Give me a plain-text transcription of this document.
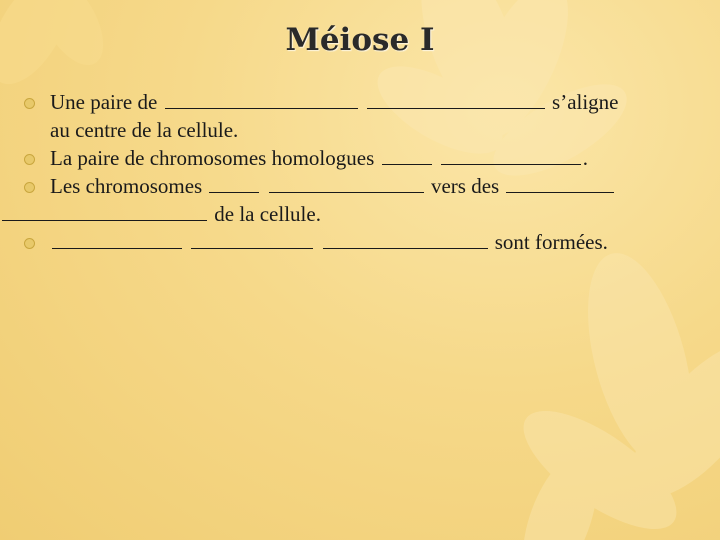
Méiose I
Une paire de	s’aligne
au centre de la cellule.
La paire de chromosomes homologues	.
Les chromosomes	vers des
de la cellule.
sont formées.
